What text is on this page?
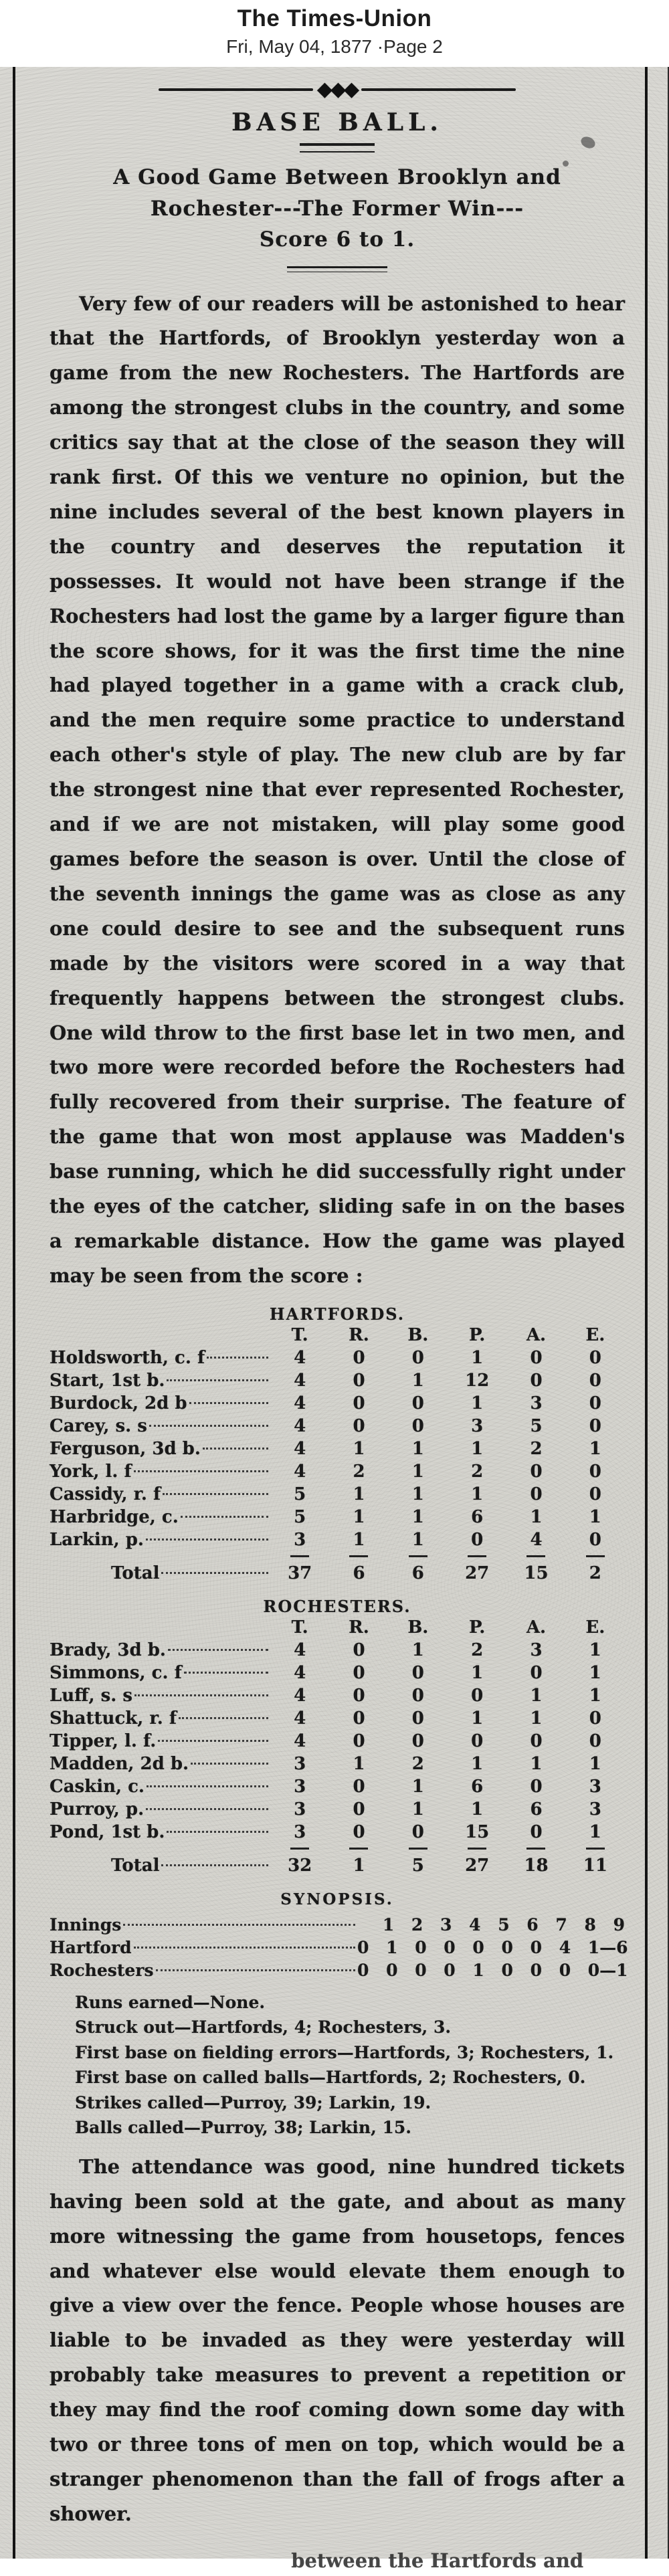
The Times-Union
Fri, May 04, 1877 ·Page 2
◆◆◆
BASE BALL.
A Good Game Between Brooklyn and
Rochester---The Former Win---
Score 6 to 1.

Very few of our readers will be astonished to hear that the Hartfords, of Brooklyn yesterday won a game from the new Rochesters. The Hartfords are among the strongest clubs in the country, and some critics say that at the close of the season they will rank first. Of this we venture no opinion, but the nine includes several of the best known players in the country and deserves the reputation it possesses. It would not have been strange if the Rochesters had lost the game by a larger figure than the score shows, for it was the first time the nine had played together in a game with a crack club, and the men require some practice to understand each other's style of play. The new club are by far the strongest nine that ever represented Rochester, and if we are not mistaken, will play some good games before the season is over. Until the close of the seventh innings the game was as close as any one could desire to see and the subsequent runs made by the visitors were scored in a way that frequently happens between the strongest clubs. One wild throw to the first base let in two men, and two more were recorded before the Rochesters had fully recovered from their surprise. The feature of the game that won most applause was Madden's base running, which he did successfully right under the eyes of the catcher, sliding safe in on the bases a remarkable distance. How the game was played may be seen from the score :

HARTFORDS.
T.	R.	B.	P.	A.	E.
Holdsworth, c. f	4	0	0	1	0	0
Start, 1st b.	4	0	1	12	0	0
Burdock, 2d b	4	0	0	1	3	0
Carey, s. s	4	0	0	3	5	0
Ferguson, 3d b.	4	1	1	1	2	1
York, l. f	4	2	1	2	0	0
Cassidy, r. f	5	1	1	1	0	0
Harbridge, c.	5	1	1	6	1	1
Larkin, p.	3	1	1	0	4	0
Total	37	6	6	27	15	2
ROCHESTERS.
T.	R.	B.	P.	A.	E.
Brady, 3d b.	4	0	1	2	3	1
Simmons, c. f	4	0	0	1	0	1
Luff, s. s	4	0	0	0	1	1
Shattuck, r. f	4	0	0	1	1	0
Tipper, l. f.	4	0	0	0	0	0
Madden, 2d b.	3	1	2	1	1	1
Caskin, c.	3	0	1	6	0	3
Purroy, p.	3	0	1	1	6	3
Pond, 1st b.	3	0	0	15	0	1
Total	32	1	5	27	18	11
SYNOPSIS.
Innings	1 2 3 4 5 6 7 8 9
Hartford	0 1 0 0 0 0 0 4 1—6
Rochesters	0 0 0 0 1 0 0 0 0—1
Runs earned—None.
Struck out—Hartfords, 4; Rochesters, 3.
First base on fielding errors—Hartfords, 3; Rochesters, 1.
First base on called balls—Hartfords, 2; Rochesters, 0.
Strikes called—Purroy, 39; Larkin, 19.
Balls called—Purroy, 38; Larkin, 15.

The attendance was good, nine hundred tickets having been sold at the gate, and about as many more witnessing the game from housetops, fences and whatever else would elevate them enough to give a view over the fence. People whose houses are liable to be invaded as they were yesterday will probably take measures to prevent a repetition or they may find the roof coming down some day with two or three tons of men on top, which would be a stranger phenomenon than the fall of frogs after a shower.

between the Hartfords and
